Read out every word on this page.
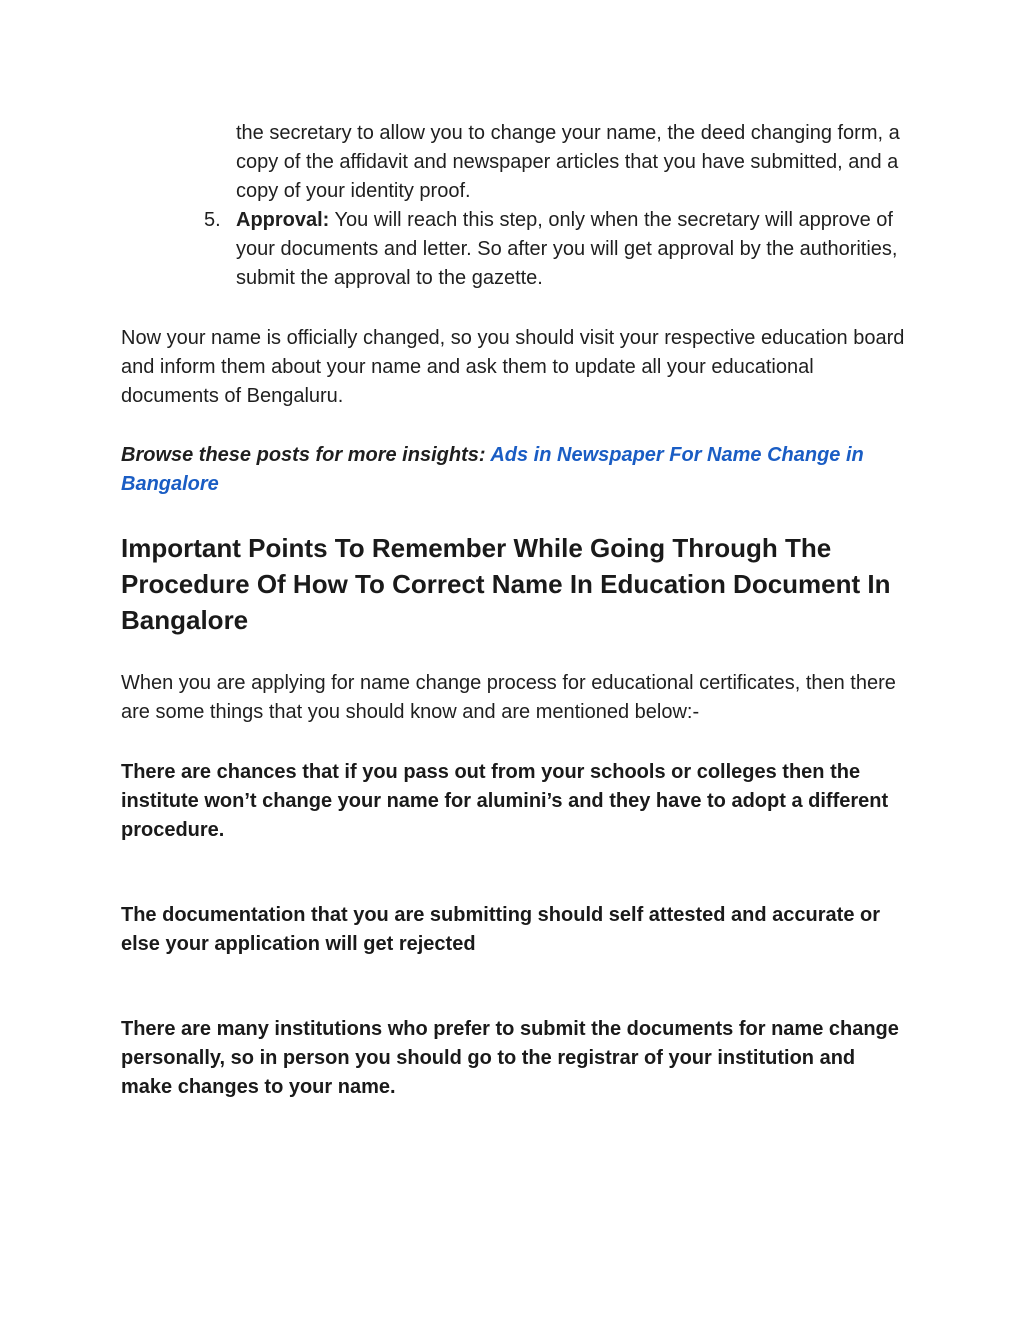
the secretary to allow you to change your name, the deed changing form, a copy of the affidavit and newspaper articles that you have submitted, and a copy of your identity proof.

5. Approval: You will reach this step, only when the secretary will approve of your documents and letter. So after you will get approval by the authorities, submit the approval to the gazette.

Now your name is officially changed, so you should visit your respective education board and inform them about your name and ask them to update all your educational documents of Bengaluru.

Browse these posts for more insights: Ads in Newspaper For Name Change in Bangalore

Important Points To Remember While Going Through The Procedure Of How To Correct Name In Education Document In Bangalore

When you are applying for name change process for educational certificates, then there are some things that you should know and are mentioned below:-

There are chances that if you pass out from your schools or colleges then the institute won’t change your name for alumini’s and they have to adopt a different procedure.

The documentation that you are submitting should self attested and accurate or else your application will get rejected

There are many institutions who prefer to submit the documents for name change personally, so in person you should go to the registrar of your institution and make changes to your name.
